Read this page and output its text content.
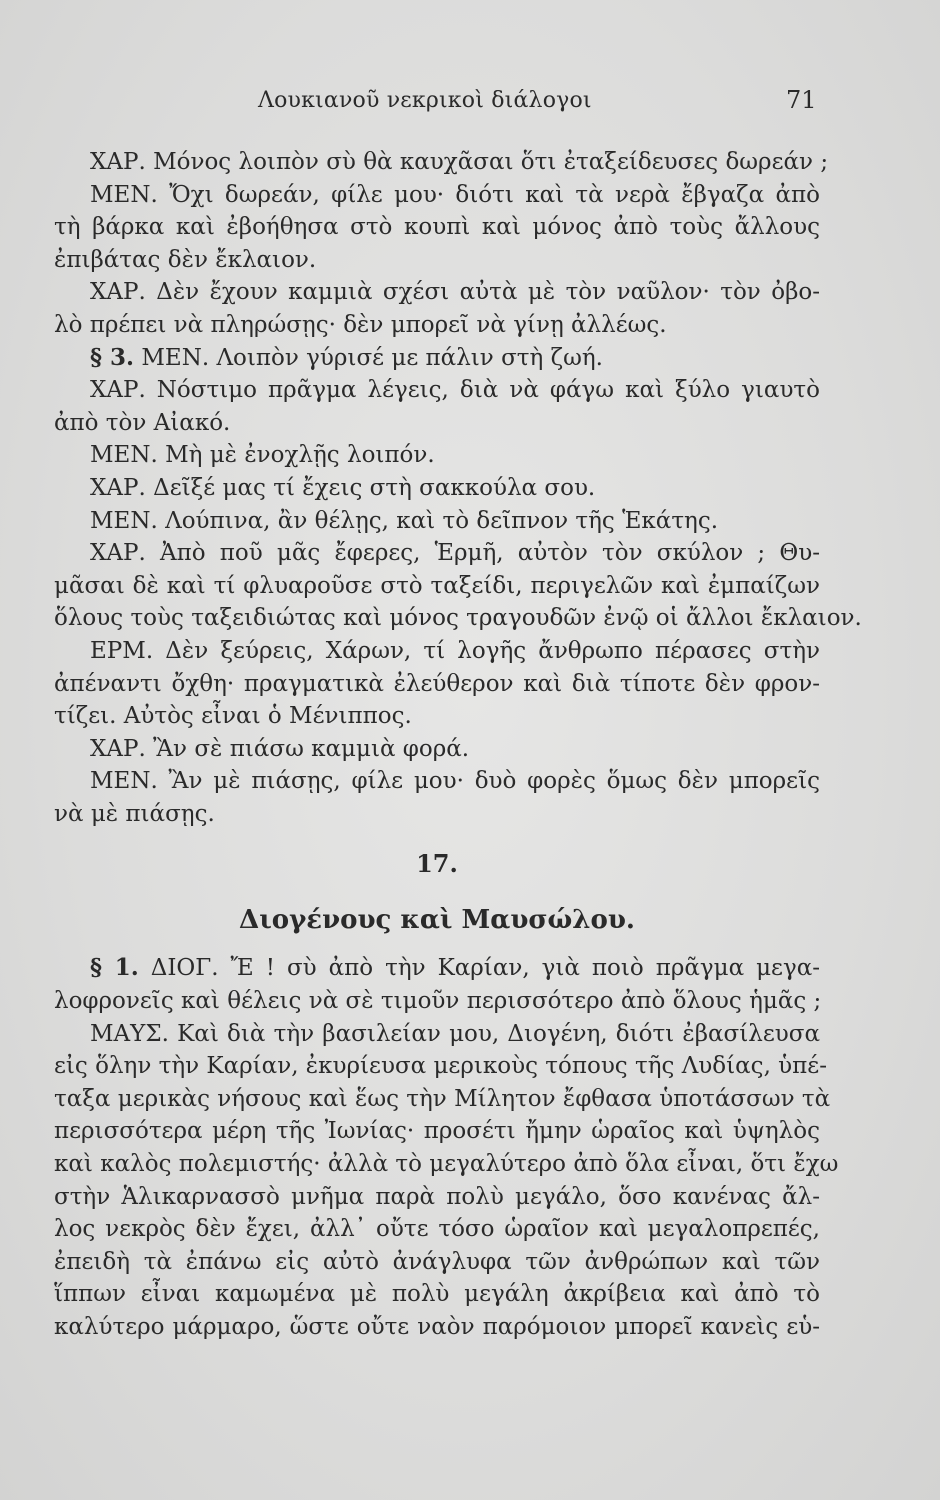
Λουκιανοῦ νεκρικοὶ διάλογοι	71
ΧΑΡ. Μόνος λοιπὸν σὺ θὰ καυχᾶσαι ὅτι ἐταξείδευσες δωρεάν ;
ΜΕΝ. Ὄχι δωρεάν, φίλε μου· διότι καὶ τὰ νερὰ ἔβγαζα ἀπὸ
τὴ βάρκα καὶ ἐβοήθησα στὸ κουπὶ καὶ μόνος ἀπὸ τοὺς ἄλλους
ἐπιβάτας δὲν ἔκλαιον.
ΧΑΡ. Δὲν ἔχουν καμμιὰ σχέσι αὐτὰ μὲ τὸν ναῦλον· τὸν ὀβο-
λὸ πρέπει νὰ πληρώσῃς· δὲν μπορεῖ νὰ γίνῃ ἀλλέως.
§ 3. ΜΕΝ. Λοιπὸν γύρισέ με πάλιν στὴ ζωή.
ΧΑΡ. Νόστιμο πρᾶγμα λέγεις, διὰ νὰ φάγω καὶ ξύλο γιαυτὸ
ἀπὸ τὸν Αἰακό.
ΜΕΝ. Μὴ μὲ ἐνοχλῇς λοιπόν.
ΧΑΡ. Δεῖξέ μας τί ἔχεις στὴ σακκούλα σου.
ΜΕΝ. Λούπινα, ἂν θέλῃς, καὶ τὸ δεῖπνον τῆς Ἑκάτης.
ΧΑΡ. Ἀπὸ ποῦ μᾶς ἔφερες, Ἑρμῆ, αὐτὸν τὸν σκύλον ; Θυ-
μᾶσαι δὲ καὶ τί φλυαροῦσε στὸ ταξείδι, περιγελῶν καὶ ἐμπαίζων
ὅλους τοὺς ταξειδιώτας καὶ μόνος τραγουδῶν ἐνῷ οἱ ἄλλοι ἔκλαιον.
ΕΡΜ. Δὲν ξεύρεις, Χάρων, τί λογῆς ἄνθρωπο πέρασες στὴν
ἀπέναντι ὄχθη· πραγματικὰ ἐλεύθερον καὶ διὰ τίποτε δὲν φρον-
τίζει. Αὐτὸς εἶναι ὁ Μένιππος.
ΧΑΡ. Ἂν σὲ πιάσω καμμιὰ φορά.
ΜΕΝ. Ἂν μὲ πιάσῃς, φίλε μου· δυὸ φορὲς ὅμως δὲν μπορεῖς
νὰ μὲ πιάσῃς.
17.
Διογένους καὶ Μαυσώλου.
§ 1. ΔΙΟΓ. Ἔ ! σὺ ἀπὸ τὴν Καρίαν, γιὰ ποιὸ πρᾶγμα μεγα-
λοφρονεῖς καὶ θέλεις νὰ σὲ τιμοῦν περισσότερο ἀπὸ ὅλους ἡμᾶς ;
ΜΑΥΣ. Καὶ διὰ τὴν βασιλείαν μου, Διογένη, διότι ἐβασίλευσα
εἰς ὅλην τὴν Καρίαν, ἐκυρίευσα μερικοὺς τόπους τῆς Λυδίας, ὑπέ-
ταξα μερικὰς νήσους καὶ ἕως τὴν Μίλητον ἔφθασα ὑποτάσσων τὰ
περισσότερα μέρη τῆς Ἰωνίας· προσέτι ἤμην ὡραῖος καὶ ὑψηλὸς
καὶ καλὸς πολεμιστής· ἀλλὰ τὸ μεγαλύτερο ἀπὸ ὅλα εἶναι, ὅτι ἔχω
στὴν Ἁλικαρνασσὸ μνῆμα παρὰ πολὺ μεγάλο, ὅσο κανένας ἄλ-
λος νεκρὸς δὲν ἔχει, ἀλλ᾽ οὔτε τόσο ὡραῖον καὶ μεγαλοπρεπές,
ἐπειδὴ τὰ ἐπάνω εἰς αὐτὸ ἀνάγλυφα τῶν ἀνθρώπων καὶ τῶν
ἵππων εἶναι καμωμένα μὲ πολὺ μεγάλη ἀκρίβεια καὶ ἀπὸ τὸ
καλύτερο μάρμαρο, ὥστε οὔτε ναὸν παρόμοιον μπορεῖ κανεὶς εὑ-
